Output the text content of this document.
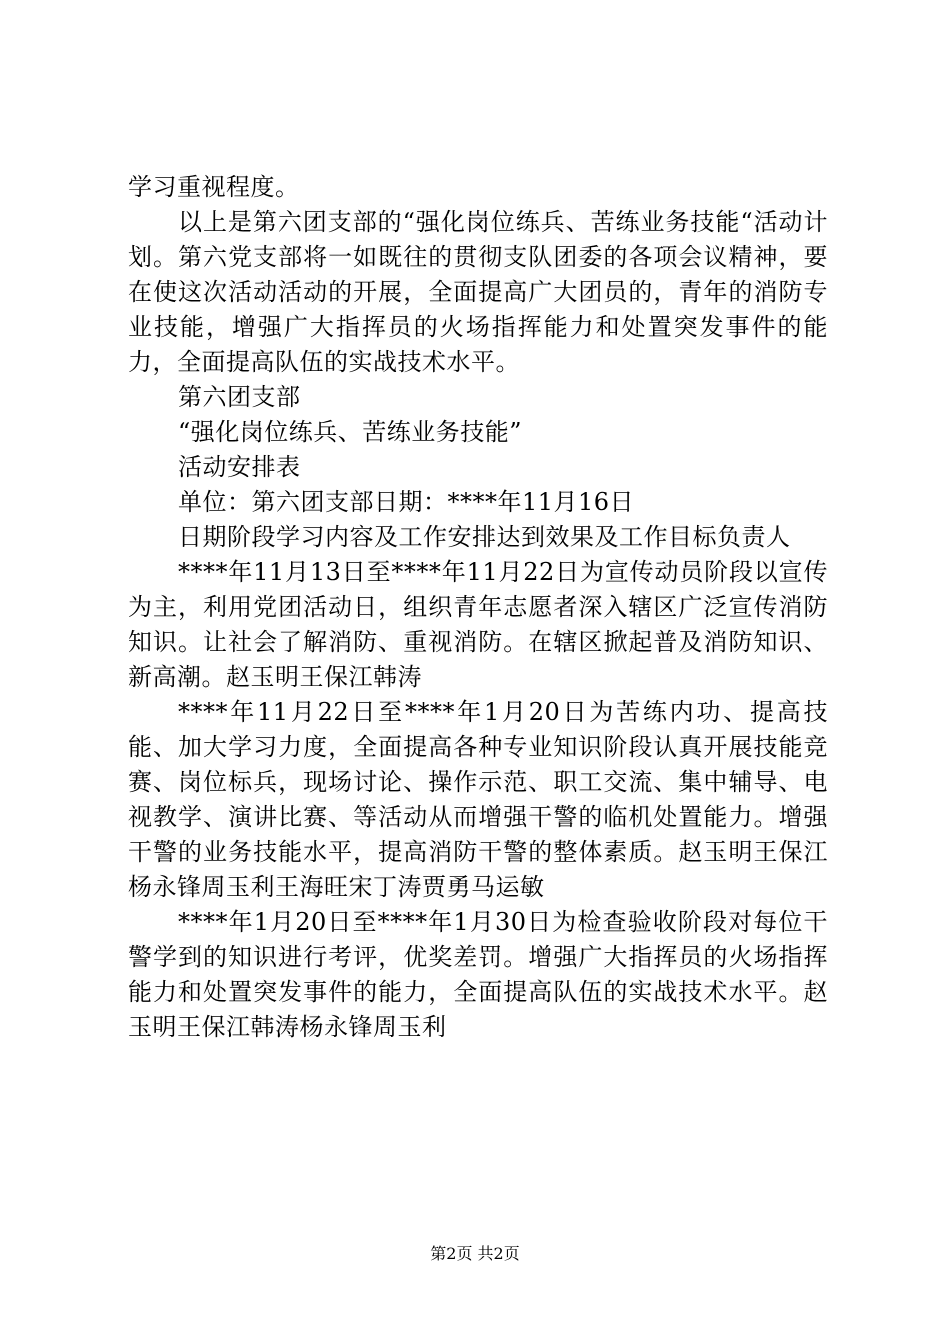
学习重视程度。

以上是第六团支部的“强化岗位练兵、苦练业务技能“活动计划。第六党支部将一如既往的贯彻支队团委的各项会议精神，要在使这次活动活动的开展，全面提高广大团员的，青年的消防专业技能，增强广大指挥员的火场指挥能力和处置突发事件的能力，全面提高队伍的实战技术水平。

第六团支部

“强化岗位练兵、苦练业务技能”

活动安排表

单位：第六团支部日期：****年11月16日

日期阶段学习内容及工作安排达到效果及工作目标负责人

****年11月13日至****年11月22日为宣传动员阶段以宣传为主，利用党团活动日，组织青年志愿者深入辖区广泛宣传消防知识。让社会了解消防、重视消防。在辖区掀起普及消防知识、新高潮。赵玉明王保江韩涛

****年11月22日至****年1月20日为苦练内功、提高技能、加大学习力度，全面提高各种专业知识阶段认真开展技能竞赛、岗位标兵，现场讨论、操作示范、职工交流、集中辅导、电视教学、演讲比赛、等活动从而增强干警的临机处置能力。增强干警的业务技能水平，提高消防干警的整体素质。赵玉明王保江杨永锋周玉利王海旺宋丁涛贾勇马运敏

****年1月20日至****年1月30日为检查验收阶段对每位干警学到的知识进行考评，优奖差罚。增强广大指挥员的火场指挥能力和处置突发事件的能力，全面提高队伍的实战技术水平。赵玉明王保江韩涛杨永锋周玉利

第2页 共2页
